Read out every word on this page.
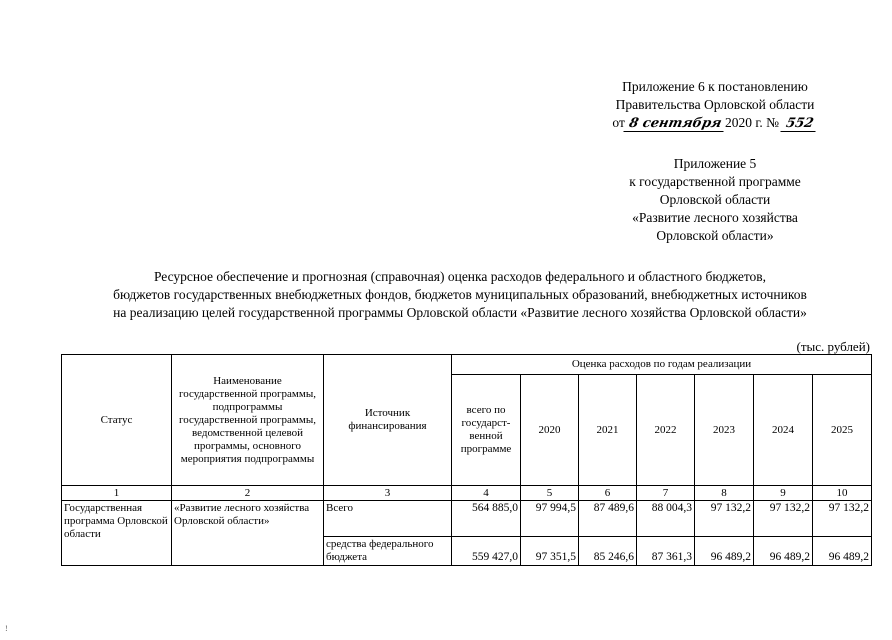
Приложение 6 к постановлению
Правительства Орловской области
от 8 сентября 2020 г. № 552
Приложение 5
к государственной программе
Орловской области
«Развитие лесного хозяйства
Орловской области»
Ресурсное обеспечение и прогнозная (справочная) оценка расходов федерального и областного бюджетов,
бюджетов государственных внебюджетных фондов, бюджетов муниципальных образований, внебюджетных источников
на реализацию целей государственной программы Орловской области «Развитие лесного хозяйства Орловской области»
(тыс. рублей)
Статус	Наименование государственной программы, подпрограммы государственной программы, ведомственной целевой программы, основного мероприятия подпрограммы	Источник финансирования	Оценка расходов по годам реализации						
			всего по государст-венной программе	2020	2021	2022	2023	2024	2025
1	2	3	4	5	6	7	8	9	10
Государственная программа Орловской области	«Развитие лесного хозяйства Орловской области»	Всего	564 885,0	97 994,5	87 489,6	88 004,3	97 132,2	97 132,2	97 132,2
		средства федерального бюджета	559 427,0	97 351,5	85 246,6	87 361,3	96 489,2	96 489,2	96 489,2
!
